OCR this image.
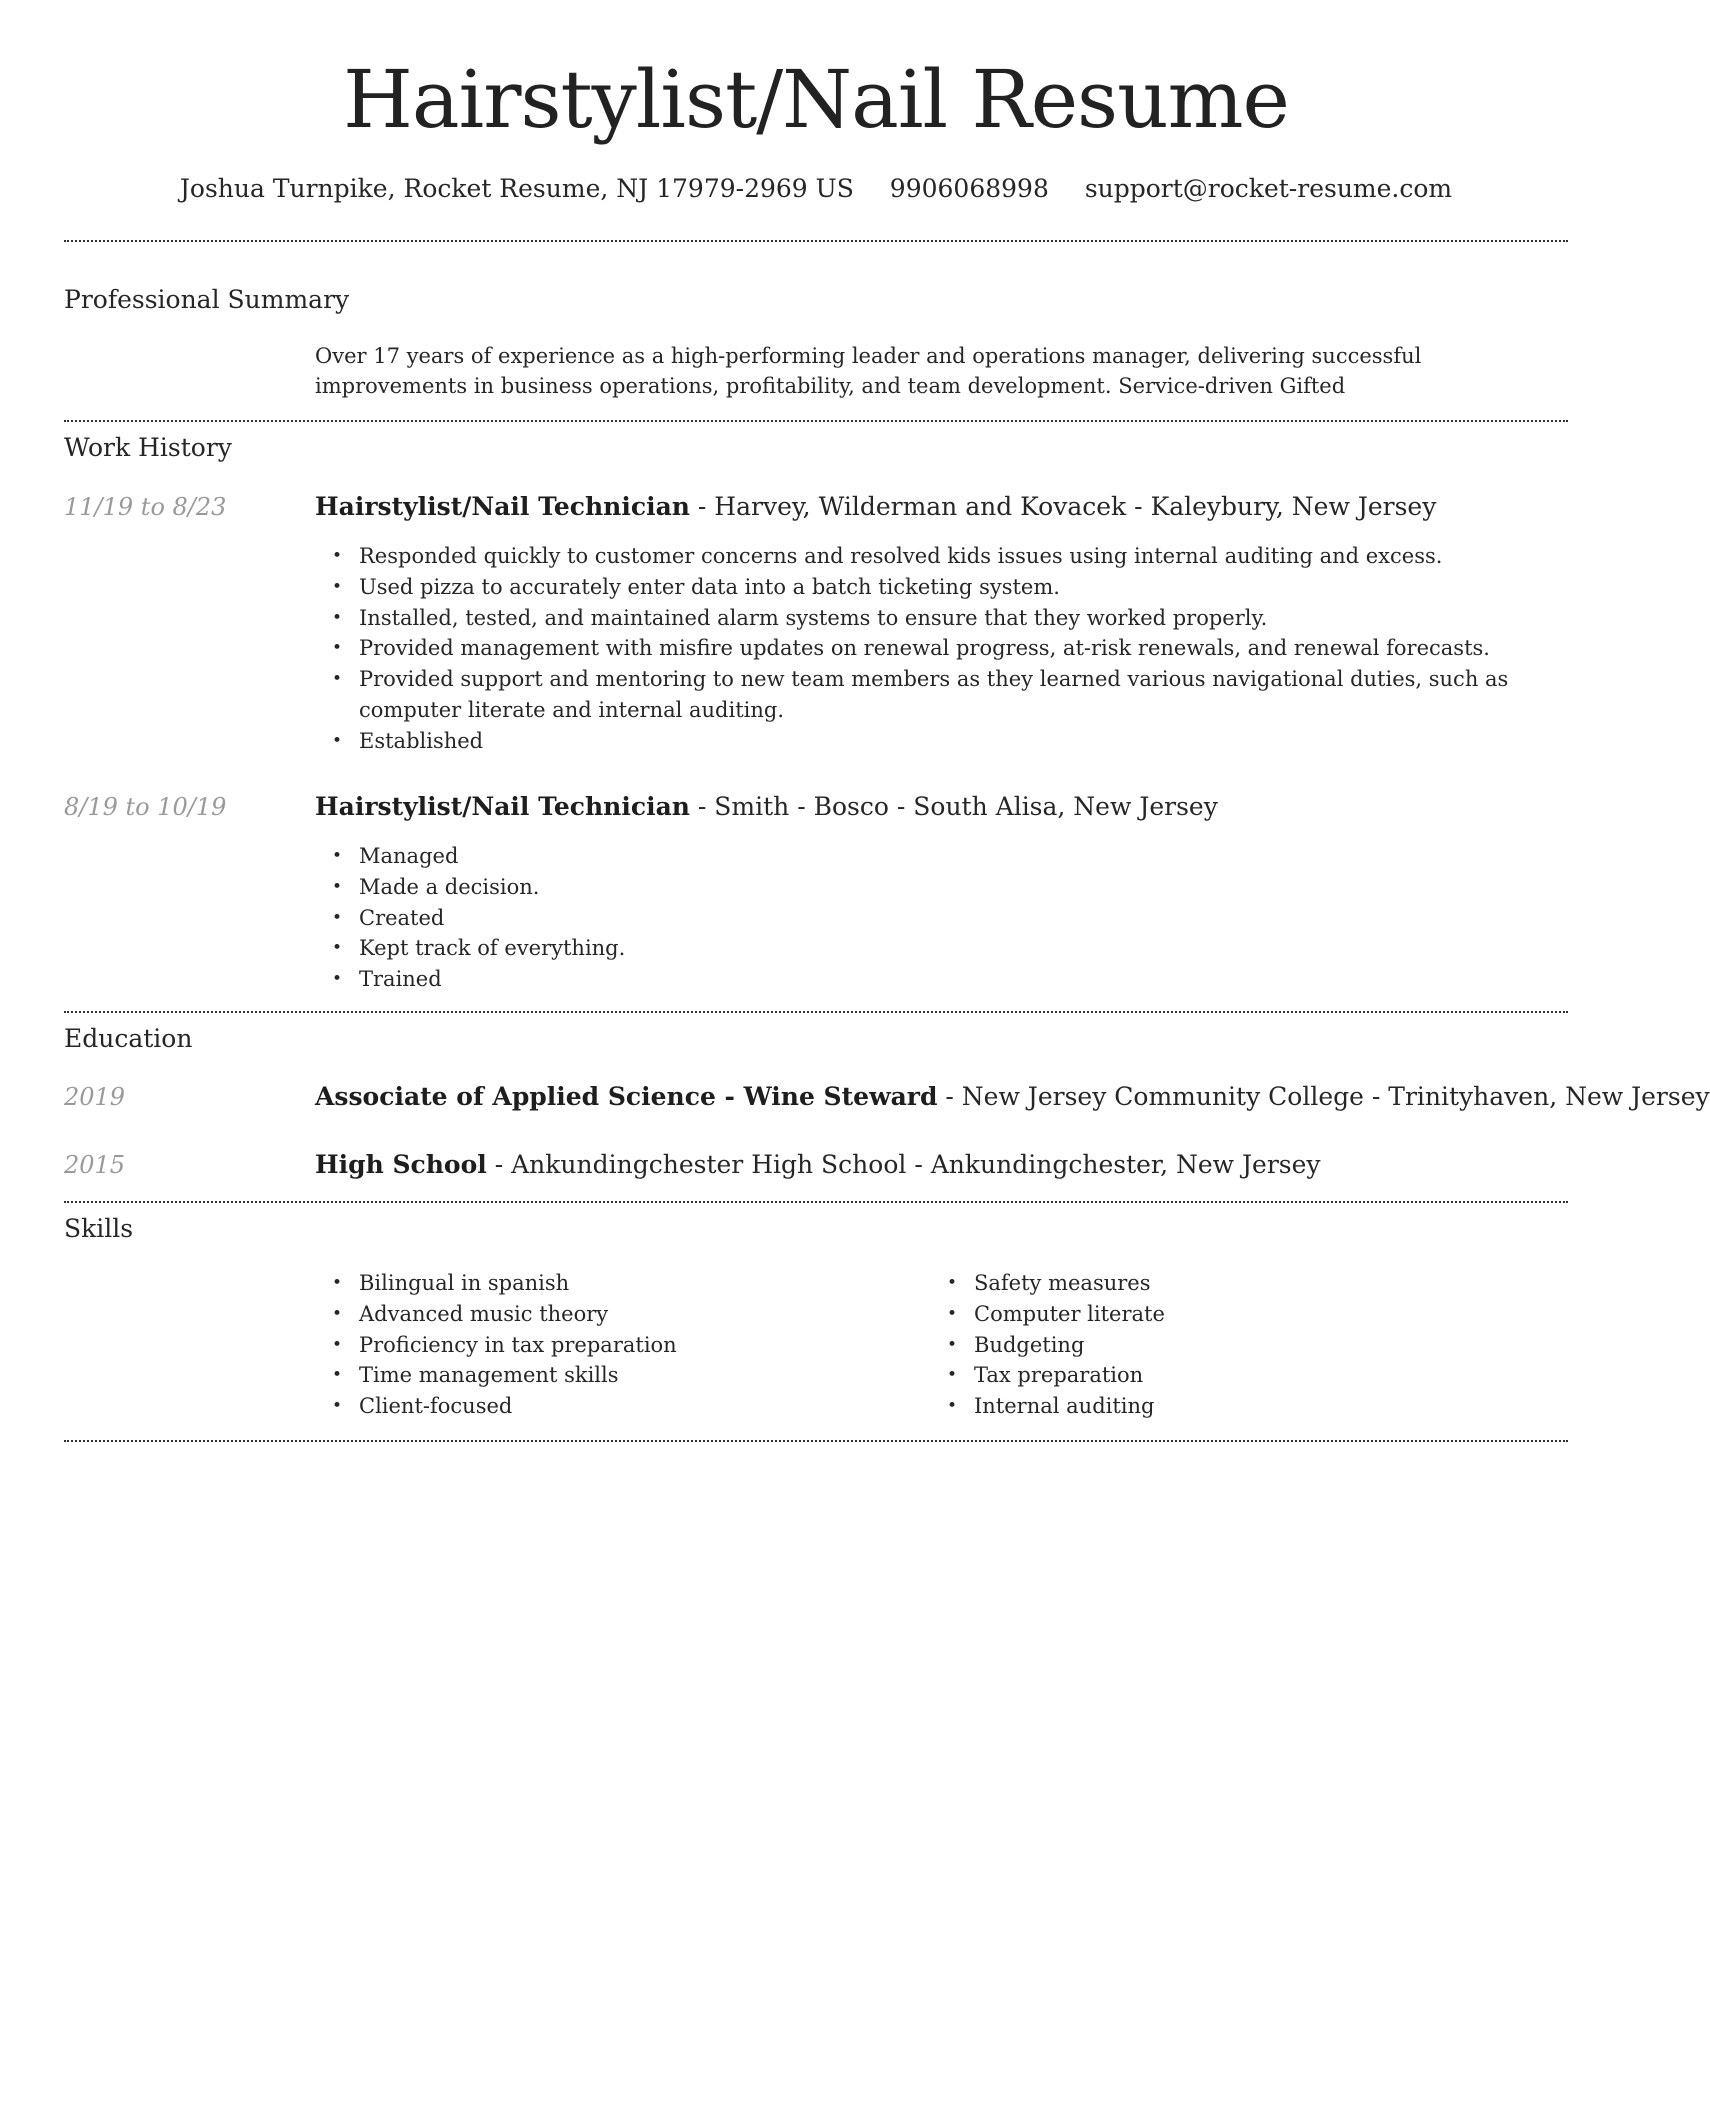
Hairstylist/Nail Resume
Joshua Turnpike, Rocket Resume, NJ 17979-2969 US 9906068998 support@rocket-resume.com
Professional Summary

Over 17 years of experience as a high-performing leader and operations manager, delivering successful improvements in business operations, profitability, and team development. Service-driven Gifted

Work History
11/19 to 8/23	Hairstylist/Nail Technician - Harvey, Wilderman and Kovacek - Kaleybury, New Jersey
• Responded quickly to customer concerns and resolved kids issues using internal auditing and excess.
• Used pizza to accurately enter data into a batch ticketing system.
• Installed, tested, and maintained alarm systems to ensure that they worked properly.
• Provided management with misfire updates on renewal progress, at-risk renewals, and renewal forecasts.
• Provided support and mentoring to new team members as they learned various navigational duties, such as computer literate and internal auditing.
• Established
8/19 to 10/19	Hairstylist/Nail Technician - Smith - Bosco - South Alisa, New Jersey
• Managed
• Made a decision.
• Created
• Kept track of everything.
• Trained
Education
2019	Associate of Applied Science - Wine Steward - New Jersey Community College - Trinityhaven, New Jersey
2015	High School - Ankundingchester High School - Ankundingchester, New Jersey
Skills
• Bilingual in spanish
• Advanced music theory
• Proficiency in tax preparation
• Time management skills
• Client-focused
• Safety measures
• Computer literate
• Budgeting
• Tax preparation
• Internal auditing
